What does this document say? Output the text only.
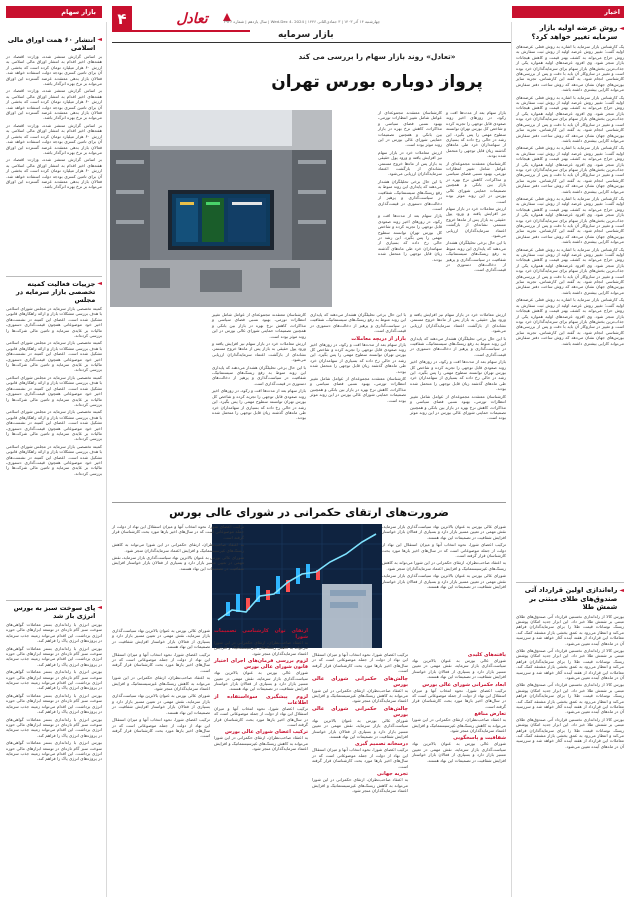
اخبار
۴	تعادل	چهارشنبه ۱۴ آذر ۱۴۰۳ | ۳ جمادی‌الثانی ۱۴۴۶ | Wed.Dec 4. 2024 | سال یازدهم | شماره ۳۹۲۶
بازار سرمایه
بازار سهام
◄
روش عرضه اولیه بازار سرمایه تغییر خواهد کرد؟

یک کارشناس بازار سرمایه با اشاره به روش فعلی عرضه‌های اولیه گفت: تغییر روش عرضه اولیه از روش ثبت سفارش به روش حراج می‌تواند به کشف بهتر قیمت و کاهش هیجانات بازار منجر شود. وی افزود عرضه‌های اولیه همواره یکی از جذاب‌ترین بخش‌های بازار سهام برای سرمایه‌گذاران خرد بوده است و تغییر در سازوکار آن باید با دقت و پس از بررسی‌های کارشناسی انجام شود. به گفته این کارشناس، تجربه سایر بورس‌های جهان نشان می‌دهد که روش ساخت دفتر سفارش می‌تواند کارایی بیشتری داشته باشد.

یک کارشناس بازار سرمایه با اشاره به روش فعلی عرضه‌های اولیه گفت: تغییر روش عرضه اولیه از روش ثبت سفارش به روش حراج می‌تواند به کشف بهتر قیمت و کاهش هیجانات بازار منجر شود. وی افزود عرضه‌های اولیه همواره یکی از جذاب‌ترین بخش‌های بازار سهام برای سرمایه‌گذاران خرد بوده است و تغییر در سازوکار آن باید با دقت و پس از بررسی‌های کارشناسی انجام شود. به گفته این کارشناس، تجربه سایر بورس‌های جهان نشان می‌دهد که روش ساخت دفتر سفارش می‌تواند کارایی بیشتری داشته باشد.

یک کارشناس بازار سرمایه با اشاره به روش فعلی عرضه‌های اولیه گفت: تغییر روش عرضه اولیه از روش ثبت سفارش به روش حراج می‌تواند به کشف بهتر قیمت و کاهش هیجانات بازار منجر شود. وی افزود عرضه‌های اولیه همواره یکی از جذاب‌ترین بخش‌های بازار سهام برای سرمایه‌گذاران خرد بوده است و تغییر در سازوکار آن باید با دقت و پس از بررسی‌های کارشناسی انجام شود. به گفته این کارشناس، تجربه سایر بورس‌های جهان نشان می‌دهد که روش ساخت دفتر سفارش می‌تواند کارایی بیشتری داشته باشد.

یک کارشناس بازار سرمایه با اشاره به روش فعلی عرضه‌های اولیه گفت: تغییر روش عرضه اولیه از روش ثبت سفارش به روش حراج می‌تواند به کشف بهتر قیمت و کاهش هیجانات بازار منجر شود. وی افزود عرضه‌های اولیه همواره یکی از جذاب‌ترین بخش‌های بازار سهام برای سرمایه‌گذاران خرد بوده است و تغییر در سازوکار آن باید با دقت و پس از بررسی‌های کارشناسی انجام شود. به گفته این کارشناس، تجربه سایر بورس‌های جهان نشان می‌دهد که روش ساخت دفتر سفارش می‌تواند کارایی بیشتری داشته باشد.

یک کارشناس بازار سرمایه با اشاره به روش فعلی عرضه‌های اولیه گفت: تغییر روش عرضه اولیه از روش ثبت سفارش به روش حراج می‌تواند به کشف بهتر قیمت و کاهش هیجانات بازار منجر شود. وی افزود عرضه‌های اولیه همواره یکی از جذاب‌ترین بخش‌های بازار سهام برای سرمایه‌گذاران خرد بوده است و تغییر در سازوکار آن باید با دقت و پس از بررسی‌های کارشناسی انجام شود. به گفته این کارشناس، تجربه سایر بورس‌های جهان نشان می‌دهد که روش ساخت دفتر سفارش می‌تواند کارایی بیشتری داشته باشد.

یک کارشناس بازار سرمایه با اشاره به روش فعلی عرضه‌های اولیه گفت: تغییر روش عرضه اولیه از روش ثبت سفارش به روش حراج می‌تواند به کشف بهتر قیمت و کاهش هیجانات بازار منجر شود. وی افزود عرضه‌های اولیه همواره یکی از جذاب‌ترین بخش‌های بازار سهام برای سرمایه‌گذاران خرد بوده است و تغییر در سازوکار آن باید با دقت و پس از بررسی‌های کارشناسی انجام شود. به گفته این کارشناس، تجربه سایر بورس‌های جهان نشان می‌دهد که روش ساخت دفتر سفارش می‌تواند کارایی بیشتری داشته باشد.

◄
راه‌اندازی اولین قرارداد آتی صندوق‌های طلای مبتنی بر شمش طلا

بورس کالا از راه‌اندازی نخستین قرارداد آتی صندوق‌های طلای مبتنی بر شمش طلا خبر داد. این ابزار جدید امکان پوشش ریسک نوسانات قیمت طلا را برای سرمایه‌گذاران فراهم می‌کند و انتظار می‌رود به عمق بخشی بازار مشتقه کمک کند. معاملات این قرارداد از هفته آینده آغاز خواهد شد و سررسید آن در ماه‌های آینده تعیین می‌شود.

بورس کالا از راه‌اندازی نخستین قرارداد آتی صندوق‌های طلای مبتنی بر شمش طلا خبر داد. این ابزار جدید امکان پوشش ریسک نوسانات قیمت طلا را برای سرمایه‌گذاران فراهم می‌کند و انتظار می‌رود به عمق بخشی بازار مشتقه کمک کند. معاملات این قرارداد از هفته آینده آغاز خواهد شد و سررسید آن در ماه‌های آینده تعیین می‌شود.

بورس کالا از راه‌اندازی نخستین قرارداد آتی صندوق‌های طلای مبتنی بر شمش طلا خبر داد. این ابزار جدید امکان پوشش ریسک نوسانات قیمت طلا را برای سرمایه‌گذاران فراهم می‌کند و انتظار می‌رود به عمق بخشی بازار مشتقه کمک کند. معاملات این قرارداد از هفته آینده آغاز خواهد شد و سررسید آن در ماه‌های آینده تعیین می‌شود.

بورس کالا از راه‌اندازی نخستین قرارداد آتی صندوق‌های طلای مبتنی بر شمش طلا خبر داد. این ابزار جدید امکان پوشش ریسک نوسانات قیمت طلا را برای سرمایه‌گذاران فراهم می‌کند و انتظار می‌رود به عمق بخشی بازار مشتقه کمک کند. معاملات این قرارداد از هفته آینده آغاز خواهد شد و سررسید آن در ماه‌های آینده تعیین می‌شود.

◄
انتشار ۶۰ همت اوراق مالی اسلامی

بر اساس گزارش منتشر شده، وزارت اقتصاد در هفته‌های اخیر اقدام به انتشار اوراق مالی اسلامی به ارزش ۶۰ هزار میلیارد تومان کرده است که بخشی از آن برای تامین کسری بودجه دولت استفاده خواهد شد. فعالان بازار بدهی معتقدند عرضه گسترده این اوراق می‌تواند بر نرخ بهره اثرگذار باشد.

بر اساس گزارش منتشر شده، وزارت اقتصاد در هفته‌های اخیر اقدام به انتشار اوراق مالی اسلامی به ارزش ۶۰ هزار میلیارد تومان کرده است که بخشی از آن برای تامین کسری بودجه دولت استفاده خواهد شد. فعالان بازار بدهی معتقدند عرضه گسترده این اوراق می‌تواند بر نرخ بهره اثرگذار باشد.

بر اساس گزارش منتشر شده، وزارت اقتصاد در هفته‌های اخیر اقدام به انتشار اوراق مالی اسلامی به ارزش ۶۰ هزار میلیارد تومان کرده است که بخشی از آن برای تامین کسری بودجه دولت استفاده خواهد شد. فعالان بازار بدهی معتقدند عرضه گسترده این اوراق می‌تواند بر نرخ بهره اثرگذار باشد.

بر اساس گزارش منتشر شده، وزارت اقتصاد در هفته‌های اخیر اقدام به انتشار اوراق مالی اسلامی به ارزش ۶۰ هزار میلیارد تومان کرده است که بخشی از آن برای تامین کسری بودجه دولت استفاده خواهد شد. فعالان بازار بدهی معتقدند عرضه گسترده این اوراق می‌تواند بر نرخ بهره اثرگذار باشد.

◄
جزییات فعالیت کمیته تخصصی بازار سرمایه در مجلس

کمیته تخصصی بازار سرمایه در مجلس شورای اسلامی با هدف بررسی مشکلات بازار و ارائه راهکارهای قانونی تشکیل شده است. اعضای این کمیته در نشست‌های اخیر خود موضوعاتی همچون قیمت‌گذاری دستوری، مالیات بر عایدی سرمایه و تامین مالی شرکت‌ها را بررسی کرده‌اند.

کمیته تخصصی بازار سرمایه در مجلس شورای اسلامی با هدف بررسی مشکلات بازار و ارائه راهکارهای قانونی تشکیل شده است. اعضای این کمیته در نشست‌های اخیر خود موضوعاتی همچون قیمت‌گذاری دستوری، مالیات بر عایدی سرمایه و تامین مالی شرکت‌ها را بررسی کرده‌اند.

کمیته تخصصی بازار سرمایه در مجلس شورای اسلامی با هدف بررسی مشکلات بازار و ارائه راهکارهای قانونی تشکیل شده است. اعضای این کمیته در نشست‌های اخیر خود موضوعاتی همچون قیمت‌گذاری دستوری، مالیات بر عایدی سرمایه و تامین مالی شرکت‌ها را بررسی کرده‌اند.

کمیته تخصصی بازار سرمایه در مجلس شورای اسلامی با هدف بررسی مشکلات بازار و ارائه راهکارهای قانونی تشکیل شده است. اعضای این کمیته در نشست‌های اخیر خود موضوعاتی همچون قیمت‌گذاری دستوری، مالیات بر عایدی سرمایه و تامین مالی شرکت‌ها را بررسی کرده‌اند.

کمیته تخصصی بازار سرمایه در مجلس شورای اسلامی با هدف بررسی مشکلات بازار و ارائه راهکارهای قانونی تشکیل شده است. اعضای این کمیته در نشست‌های اخیر خود موضوعاتی همچون قیمت‌گذاری دستوری، مالیات بر عایدی سرمایه و تامین مالی شرکت‌ها را بررسی کرده‌اند.

◄
پای سوخت سبز به بورس انرژی باز شد

بورس انرژی با راه‌اندازی بستر معاملات گواهی‌های سوخت سبز گام تازه‌ای در توسعه ابزارهای مالی حوزه انرژی برداشت. این اقدام می‌تواند زمینه جذب سرمایه در پروژه‌های انرژی پاک را فراهم کند.

بورس انرژی با راه‌اندازی بستر معاملات گواهی‌های سوخت سبز گام تازه‌ای در توسعه ابزارهای مالی حوزه انرژی برداشت. این اقدام می‌تواند زمینه جذب سرمایه در پروژه‌های انرژی پاک را فراهم کند.

بورس انرژی با راه‌اندازی بستر معاملات گواهی‌های سوخت سبز گام تازه‌ای در توسعه ابزارهای مالی حوزه انرژی برداشت. این اقدام می‌تواند زمینه جذب سرمایه در پروژه‌های انرژی پاک را فراهم کند.

بورس انرژی با راه‌اندازی بستر معاملات گواهی‌های سوخت سبز گام تازه‌ای در توسعه ابزارهای مالی حوزه انرژی برداشت. این اقدام می‌تواند زمینه جذب سرمایه در پروژه‌های انرژی پاک را فراهم کند.

بورس انرژی با راه‌اندازی بستر معاملات گواهی‌های سوخت سبز گام تازه‌ای در توسعه ابزارهای مالی حوزه انرژی برداشت. این اقدام می‌تواند زمینه جذب سرمایه در پروژه‌های انرژی پاک را فراهم کند.

بورس انرژی با راه‌اندازی بستر معاملات گواهی‌های سوخت سبز گام تازه‌ای در توسعه ابزارهای مالی حوزه انرژی برداشت. این اقدام می‌تواند زمینه جذب سرمایه در پروژه‌های انرژی پاک را فراهم کند.

«تعادل» روند بازار سهام را بررسی می کند
پرواز دوباره بورس تهران

بازار سهام بعد از مدت‌ها افت و رکود، در روزهای اخیر روند صعودی قابل توجهی را تجربه کرده و شاخص کل بورس تهران توانسته سطوح مهمی را پس بگیرد. این رشد در حالی رخ داده که بسیاری از سهامداران خرد طی ماه‌های گذشته زیان قابل توجهی را متحمل شده بودند.

کارشناسان معتقدند مجموعه‌ای از عوامل شامل تغییر انتظارات تورمی، بهبود نسبی فضای سیاسی و مذاکرات، کاهش نرخ بهره در بازار بین بانکی و همچنین تصمیمات حمایتی شورای عالی بورس در این روند موثر بوده است.

ارزش معاملات خرد در بازار سهام نیز افزایش یافته و ورود پول حقیقی به بازار پس از ماه‌ها خروج مستمر، نشانه‌ای از بازگشت اعتماد سرمایه‌گذاران ارزیابی می‌شود.

با این حال برخی تحلیلگران هشدار می‌دهند که پایداری این روند منوط به رفع ریسک‌های سیستماتیک، شفافیت در سیاست‌گذاری و پرهیز از دخالت‌های دستوری در قیمت‌گذاری است.

کارشناسان معتقدند مجموعه‌ای از عوامل شامل تغییر انتظارات تورمی، بهبود نسبی فضای سیاسی و مذاکرات، کاهش نرخ بهره در بازار بین بانکی و همچنین تصمیمات حمایتی شورای عالی بورس در این روند موثر بوده است.

ارزش معاملات خرد در بازار سهام نیز افزایش یافته و ورود پول حقیقی به بازار پس از ماه‌ها خروج مستمر، نشانه‌ای از بازگشت اعتماد سرمایه‌گذاران ارزیابی می‌شود.

با این حال برخی تحلیلگران هشدار می‌دهند که پایداری این روند منوط به رفع ریسک‌های سیستماتیک، شفافیت در سیاست‌گذاری و پرهیز از دخالت‌های دستوری در قیمت‌گذاری است.

بازار سهام بعد از مدت‌ها افت و رکود، در روزهای اخیر روند صعودی قابل توجهی را تجربه کرده و شاخص کل بورس تهران توانسته سطوح مهمی را پس بگیرد. این رشد در حالی رخ داده که بسیاری از سهامداران خرد طی ماه‌های گذشته زیان قابل توجهی را متحمل شده بودند.

ارزش معاملات خرد در بازار سهام نیز افزایش یافته و ورود پول حقیقی به بازار پس از ماه‌ها خروج مستمر، نشانه‌ای از بازگشت اعتماد سرمایه‌گذاران ارزیابی می‌شود.

با این حال برخی تحلیلگران هشدار می‌دهند که پایداری این روند منوط به رفع ریسک‌های سیستماتیک، شفافیت در سیاست‌گذاری و پرهیز از دخالت‌های دستوری در قیمت‌گذاری است.

بازار سهام بعد از مدت‌ها افت و رکود، در روزهای اخیر روند صعودی قابل توجهی را تجربه کرده و شاخص کل بورس تهران توانسته سطوح مهمی را پس بگیرد. این رشد در حالی رخ داده که بسیاری از سهامداران خرد طی ماه‌های گذشته زیان قابل توجهی را متحمل شده بودند.

کارشناسان معتقدند مجموعه‌ای از عوامل شامل تغییر انتظارات تورمی، بهبود نسبی فضای سیاسی و مذاکرات، کاهش نرخ بهره در بازار بین بانکی و همچنین تصمیمات حمایتی شورای عالی بورس در این روند موثر بوده است.

با این حال برخی تحلیلگران هشدار می‌دهند که پایداری این روند منوط به رفع ریسک‌های سیستماتیک، شفافیت در سیاست‌گذاری و پرهیز از دخالت‌های دستوری در قیمت‌گذاری است.

بازار از دریچه معاملات

بازار سهام بعد از مدت‌ها افت و رکود، در روزهای اخیر روند صعودی قابل توجهی را تجربه کرده و شاخص کل بورس تهران توانسته سطوح مهمی را پس بگیرد. این رشد در حالی رخ داده که بسیاری از سهامداران خرد طی ماه‌های گذشته زیان قابل توجهی را متحمل شده بودند.

کارشناسان معتقدند مجموعه‌ای از عوامل شامل تغییر انتظارات تورمی، بهبود نسبی فضای سیاسی و مذاکرات، کاهش نرخ بهره در بازار بین بانکی و همچنین تصمیمات حمایتی شورای عالی بورس در این روند موثر بوده است.

کارشناسان معتقدند مجموعه‌ای از عوامل شامل تغییر انتظارات تورمی، بهبود نسبی فضای سیاسی و مذاکرات، کاهش نرخ بهره در بازار بین بانکی و همچنین تصمیمات حمایتی شورای عالی بورس در این روند موثر بوده است.

ارزش معاملات خرد در بازار سهام نیز افزایش یافته و ورود پول حقیقی به بازار پس از ماه‌ها خروج مستمر، نشانه‌ای از بازگشت اعتماد سرمایه‌گذاران ارزیابی می‌شود.

با این حال برخی تحلیلگران هشدار می‌دهند که پایداری این روند منوط به رفع ریسک‌های سیستماتیک، شفافیت در سیاست‌گذاری و پرهیز از دخالت‌های دستوری در قیمت‌گذاری است.

بازار سهام بعد از مدت‌ها افت و رکود، در روزهای اخیر روند صعودی قابل توجهی را تجربه کرده و شاخص کل بورس تهران توانسته سطوح مهمی را پس بگیرد. این رشد در حالی رخ داده که بسیاری از سهامداران خرد طی ماه‌های گذشته زیان قابل توجهی را متحمل شده بودند.

ضرورت‌های ارتقای حکمرانی در شورای عالی بورس

شورای عالی بورس به عنوان بالاترین نهاد سیاست‌گذاری بازار سرمایه، نقش مهمی در تعیین مسیر بازار دارد و بسیاری از فعالان بازار خواستار افزایش شفافیت در تصمیمات این نهاد هستند.

ترکیب اعضای شورا، نحوه انتخاب آنها و میزان استقلال این نهاد از دولت از جمله موضوعاتی است که در سال‌های اخیر بارها مورد بحث کارشناسان قرار گرفته است.

به اعتقاد صاحب‌نظران، ارتقای حکمرانی در این شورا می‌تواند به کاهش ریسک‌های غیرسیستماتیک و افزایش اعتماد سرمایه‌گذاران منجر شود.

شورای عالی بورس به عنوان بالاترین نهاد سیاست‌گذاری بازار سرمایه، نقش مهمی در تعیین مسیر بازار دارد و بسیاری از فعالان بازار خواستار افزایش شفافیت در تصمیمات این نهاد هستند.

ترکیب اعضای شورا، نحوه انتخاب آنها و میزان استقلال این نهاد از دولت از جمله موضوعاتی است که در سال‌های اخیر بارها مورد بحث کارشناسان قرار گرفته است.

به اعتقاد صاحب‌نظران، ارتقای حکمرانی در این شورا می‌تواند به کاهش ریسک‌های غیرسیستماتیک و افزایش اعتماد سرمایه‌گذاران منجر شود.

شورای عالی بورس به عنوان بالاترین نهاد سیاست‌گذاری بازار سرمایه، نقش مهمی در تعیین مسیر بازار دارد و بسیاری از فعالان بازار خواستار افزایش شفافیت در تصمیمات این نهاد هستند.

یافته‌های کلیدی

شورای عالی بورس به عنوان بالاترین نهاد سیاست‌گذاری بازار سرمایه، نقش مهمی در تعیین مسیر بازار دارد و بسیاری از فعالان بازار خواستار افزایش شفافیت در تصمیمات این نهاد هستند.

ابعاد حکمرانی شورای عالی بورس

ترکیب اعضای شورا، نحوه انتخاب آنها و میزان استقلال این نهاد از دولت از جمله موضوعاتی است که در سال‌های اخیر بارها مورد بحث کارشناسان قرار گرفته است.

تعارض منافع

به اعتقاد صاحب‌نظران، ارتقای حکمرانی در این شورا می‌تواند به کاهش ریسک‌های غیرسیستماتیک و افزایش اعتماد سرمایه‌گذاران منجر شود.

شفافیت و پاسخگویی

شورای عالی بورس به عنوان بالاترین نهاد سیاست‌گذاری بازار سرمایه، نقش مهمی در تعیین مسیر بازار دارد و بسیاری از فعالان بازار خواستار افزایش شفافیت در تصمیمات این نهاد هستند.

ترکیب اعضای شورا، نحوه انتخاب آنها و میزان استقلال این نهاد از دولت از جمله موضوعاتی است که در سال‌های اخیر بارها مورد بحث کارشناسان قرار گرفته است.

چالش‌های حکمرانی شورای عالی بورس

به اعتقاد صاحب‌نظران، ارتقای حکمرانی در این شورا می‌تواند به کاهش ریسک‌های غیرسیستماتیک و افزایش اعتماد سرمایه‌گذاران منجر شود.

چالش‌های حکمرانی شورای عالی بورس

شورای عالی بورس به عنوان بالاترین نهاد سیاست‌گذاری بازار سرمایه، نقش مهمی در تعیین مسیر بازار دارد و بسیاری از فعالان بازار خواستار افزایش شفافیت در تصمیمات این نهاد هستند.

درسخانه تصمیم گیری

ترکیب اعضای شورا، نحوه انتخاب آنها و میزان استقلال این نهاد از دولت از جمله موضوعاتی است که در سال‌های اخیر بارها مورد بحث کارشناسان قرار گرفته است.

تجربه جهانی

به اعتقاد صاحب‌نظران، ارتقای حکمرانی در این شورا می‌تواند به کاهش ریسک‌های غیرسیستماتیک و افزایش اعتماد سرمایه‌گذاران منجر شود.

ارتقای توان کارشناسی تصمیمات شورا

به اعتقاد صاحب‌نظران، ارتقای حکمرانی در این شورا می‌تواند به کاهش ریسک‌های غیرسیستماتیک و افزایش اعتماد سرمایه‌گذاران منجر شود.

لزوم بررسی فرمان‌های اجرای اختیار قانون شورای عالی بورس

شورای عالی بورس به عنوان بالاترین نهاد سیاست‌گذاری بازار سرمایه، نقش مهمی در تعیین مسیر بازار دارد و بسیاری از فعالان بازار خواستار افزایش شفافیت در تصمیمات این نهاد هستند.

لزوم پیشگیری سوءاستفاده از اطلاعات

ترکیب اعضای شورا، نحوه انتخاب آنها و میزان استقلال این نهاد از دولت از جمله موضوعاتی است که در سال‌های اخیر بارها مورد بحث کارشناسان قرار گرفته است.

ترکیب اعضای شورای عالی بورس

به اعتقاد صاحب‌نظران، ارتقای حکمرانی در این شورا می‌تواند به کاهش ریسک‌های غیرسیستماتیک و افزایش اعتماد سرمایه‌گذاران منجر شود.

شورای عالی بورس به عنوان بالاترین نهاد سیاست‌گذاری بازار سرمایه، نقش مهمی در تعیین مسیر بازار دارد و بسیاری از فعالان بازار خواستار افزایش شفافیت در تصمیمات این نهاد هستند.

ترکیب اعضای شورا، نحوه انتخاب آنها و میزان استقلال این نهاد از دولت از جمله موضوعاتی است که در سال‌های اخیر بارها مورد بحث کارشناسان قرار گرفته است.

به اعتقاد صاحب‌نظران، ارتقای حکمرانی در این شورا می‌تواند به کاهش ریسک‌های غیرسیستماتیک و افزایش اعتماد سرمایه‌گذاران منجر شود.

شورای عالی بورس به عنوان بالاترین نهاد سیاست‌گذاری بازار سرمایه، نقش مهمی در تعیین مسیر بازار دارد و بسیاری از فعالان بازار خواستار افزایش شفافیت در تصمیمات این نهاد هستند.

ترکیب اعضای شورا، نحوه انتخاب آنها و میزان استقلال این نهاد از دولت از جمله موضوعاتی است که در سال‌های اخیر بارها مورد بحث کارشناسان قرار گرفته است.
